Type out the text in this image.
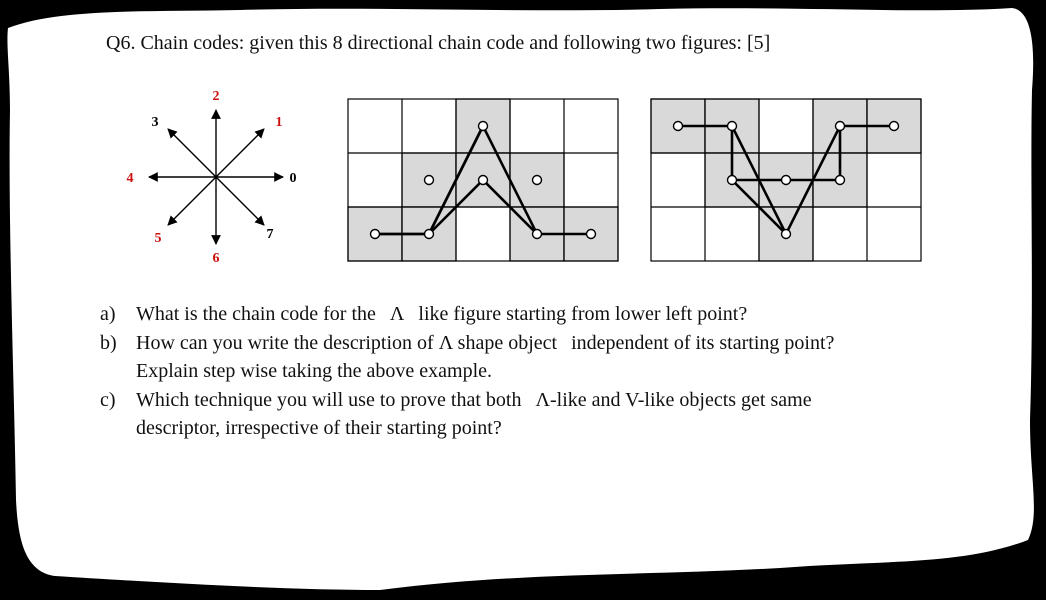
Q6. Chain codes: given this 8 directional chain code and following two figures: [5]
0
1
2
3
4
5
6
7
a)	What is the chain code for the Λ like figure starting from lower left point?
b) How can you write the description of Λ shape object independent of its starting point?
Explain step wise taking the above example.
c)	Which technique you will use to prove that both Λ-like and V-like objects get same
descriptor, irrespective of their starting point?
